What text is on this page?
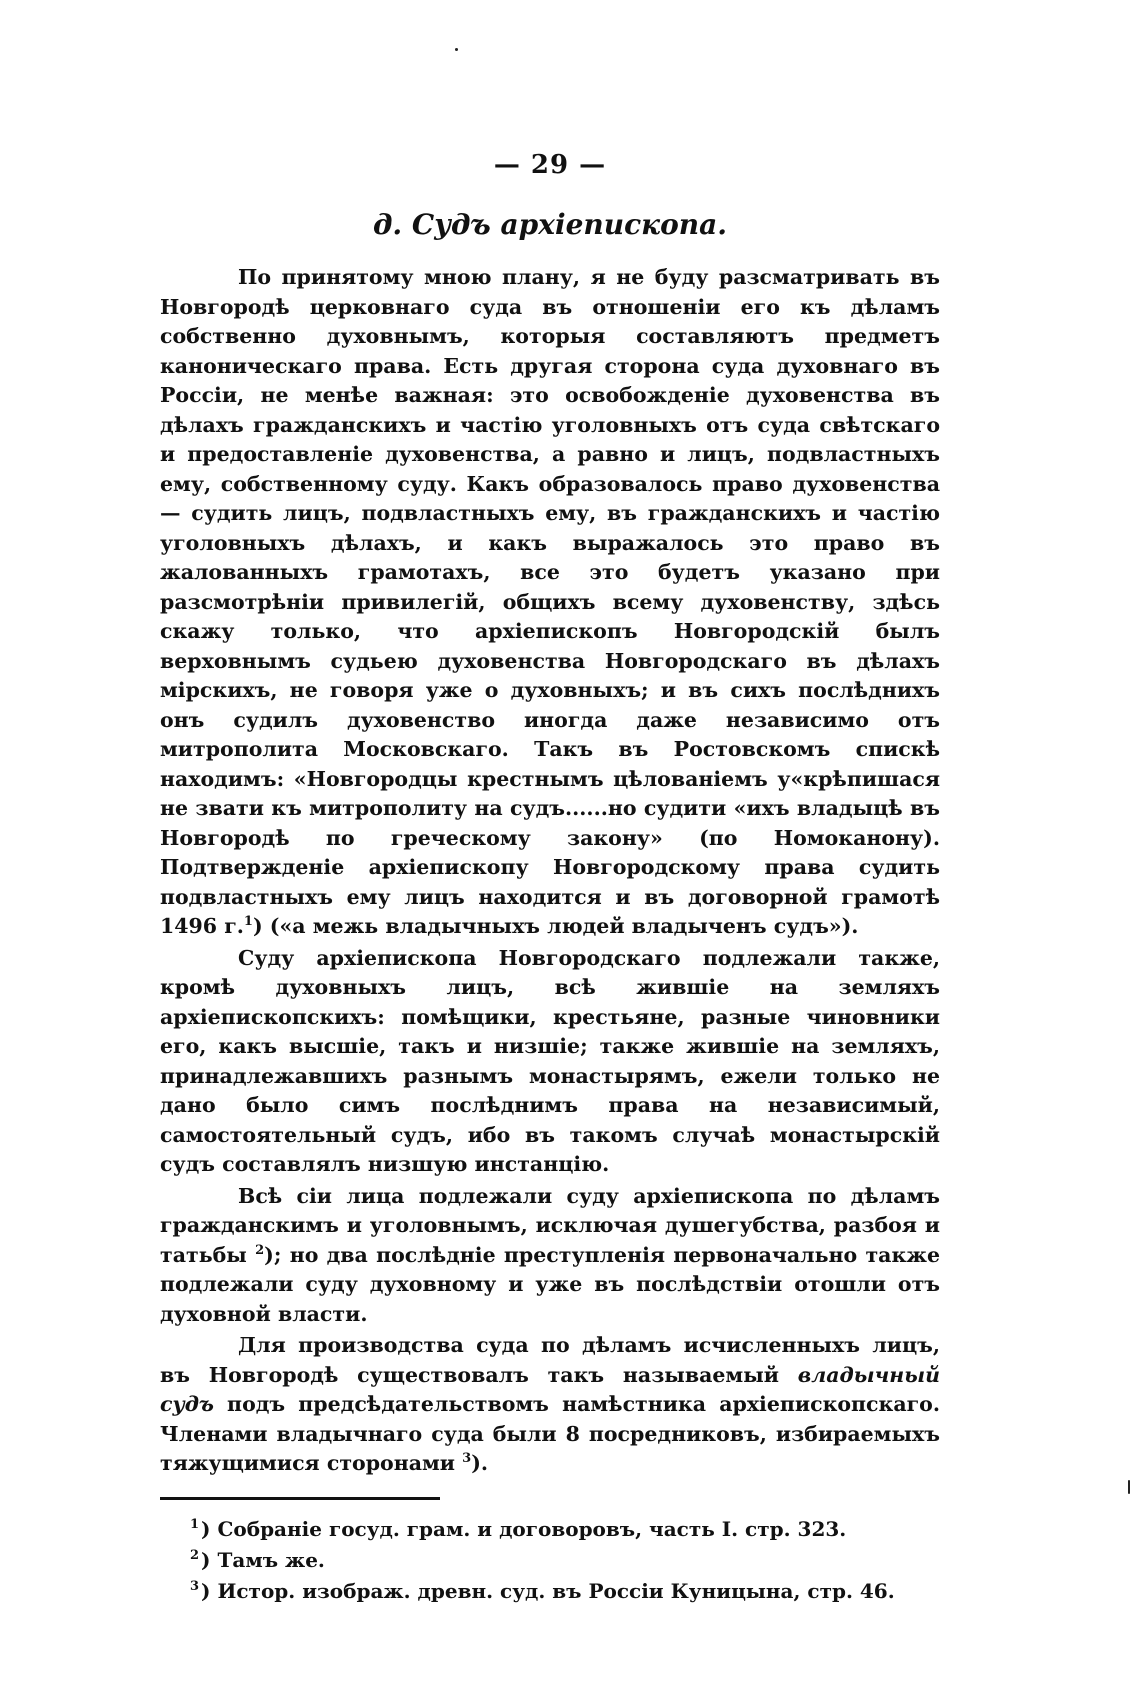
— 29 —
д. Судъ архіепископа.

По принятому мною плану, я не буду разсматривать въ Новгородѣ церковнаго суда въ отношеніи его къ дѣламъ собственно духовнымъ, которыя составляютъ предметъ каноническаго права. Есть другая сторона суда духовнаго въ Россіи, не менѣе важная: это освобожденіе духовенства въ дѣлахъ гражданскихъ и частію уголовныхъ отъ суда свѣтскаго и предоставленіе духовенства, а равно и лицъ, подвластныхъ ему, собственному суду. Какъ образовалось право духовенства — судить лицъ, подвластныхъ ему, въ гражданскихъ и частію уголовныхъ дѣлахъ, и какъ выражалось это право въ жалованныхъ грамотахъ, все это будетъ указано при разсмотрѣніи привилегій, общихъ всему духовенству, здѣсь скажу только, что архіепископъ Новгородскій былъ верховнымъ судьею духовенства Новгородскаго въ дѣлахъ мірскихъ, не говоря уже о духовныхъ; и въ сихъ послѣднихъ онъ судилъ духовенство иногда даже независимо отъ митрополита Московскаго. Такъ въ Ростовскомъ спискѣ находимъ: «Новгородцы крестнымъ цѣлованіемъ у«крѣпишася не звати къ митрополиту на судъ......но судити «ихъ владыцѣ въ Новгородѣ по греческому закону» (по Номоканону). Подтвержденіе архіепископу Новгородскому права судить подвластныхъ ему лицъ находится и въ договорной грамотѣ 1496 г.$^1$) («а межь владычныхъ людей владыченъ судъ»).

Суду архіепископа Новгородскаго подлежали также, кромѣ духовныхъ лицъ, всѣ жившіе на земляхъ архіепископскихъ: помѣщики, крестьяне, разные чиновники его, какъ высшіе, такъ и низшіе; также жившіе на земляхъ, принадлежавшихъ разнымъ монастырямъ, ежели только не дано было симъ послѣднимъ права на независимый, самостоятельный судъ, ибо въ такомъ случаѣ монастырскій судъ составлялъ низшую инстанцію.

Всѣ сіи лица подлежали суду архіепископа по дѣламъ гражданскимъ и уголовнымъ, исключая душегубства, разбоя и татьбы $^2$); но два послѣдніе преступленія первоначально также подлежали суду духовному и уже въ послѣдствіи отошли отъ духовной власти.

Для производства суда по дѣламъ исчисленныхъ лицъ, въ Новгородѣ существовалъ такъ называемый владычный судъ подъ предсѣдательствомъ намѣстника архіепископскаго. Членами владычнаго суда были 8 посредниковъ, избираемыхъ тяжущимися сторонами $^3$).

$^1$ ) Собраніе госуд. грам. и договоровъ, часть I. стр. 323.
$^2$ ) Тамъ же.
$^3$ ) Истор. изображ. древн. суд. въ Россіи Куницына, стр. 46.
